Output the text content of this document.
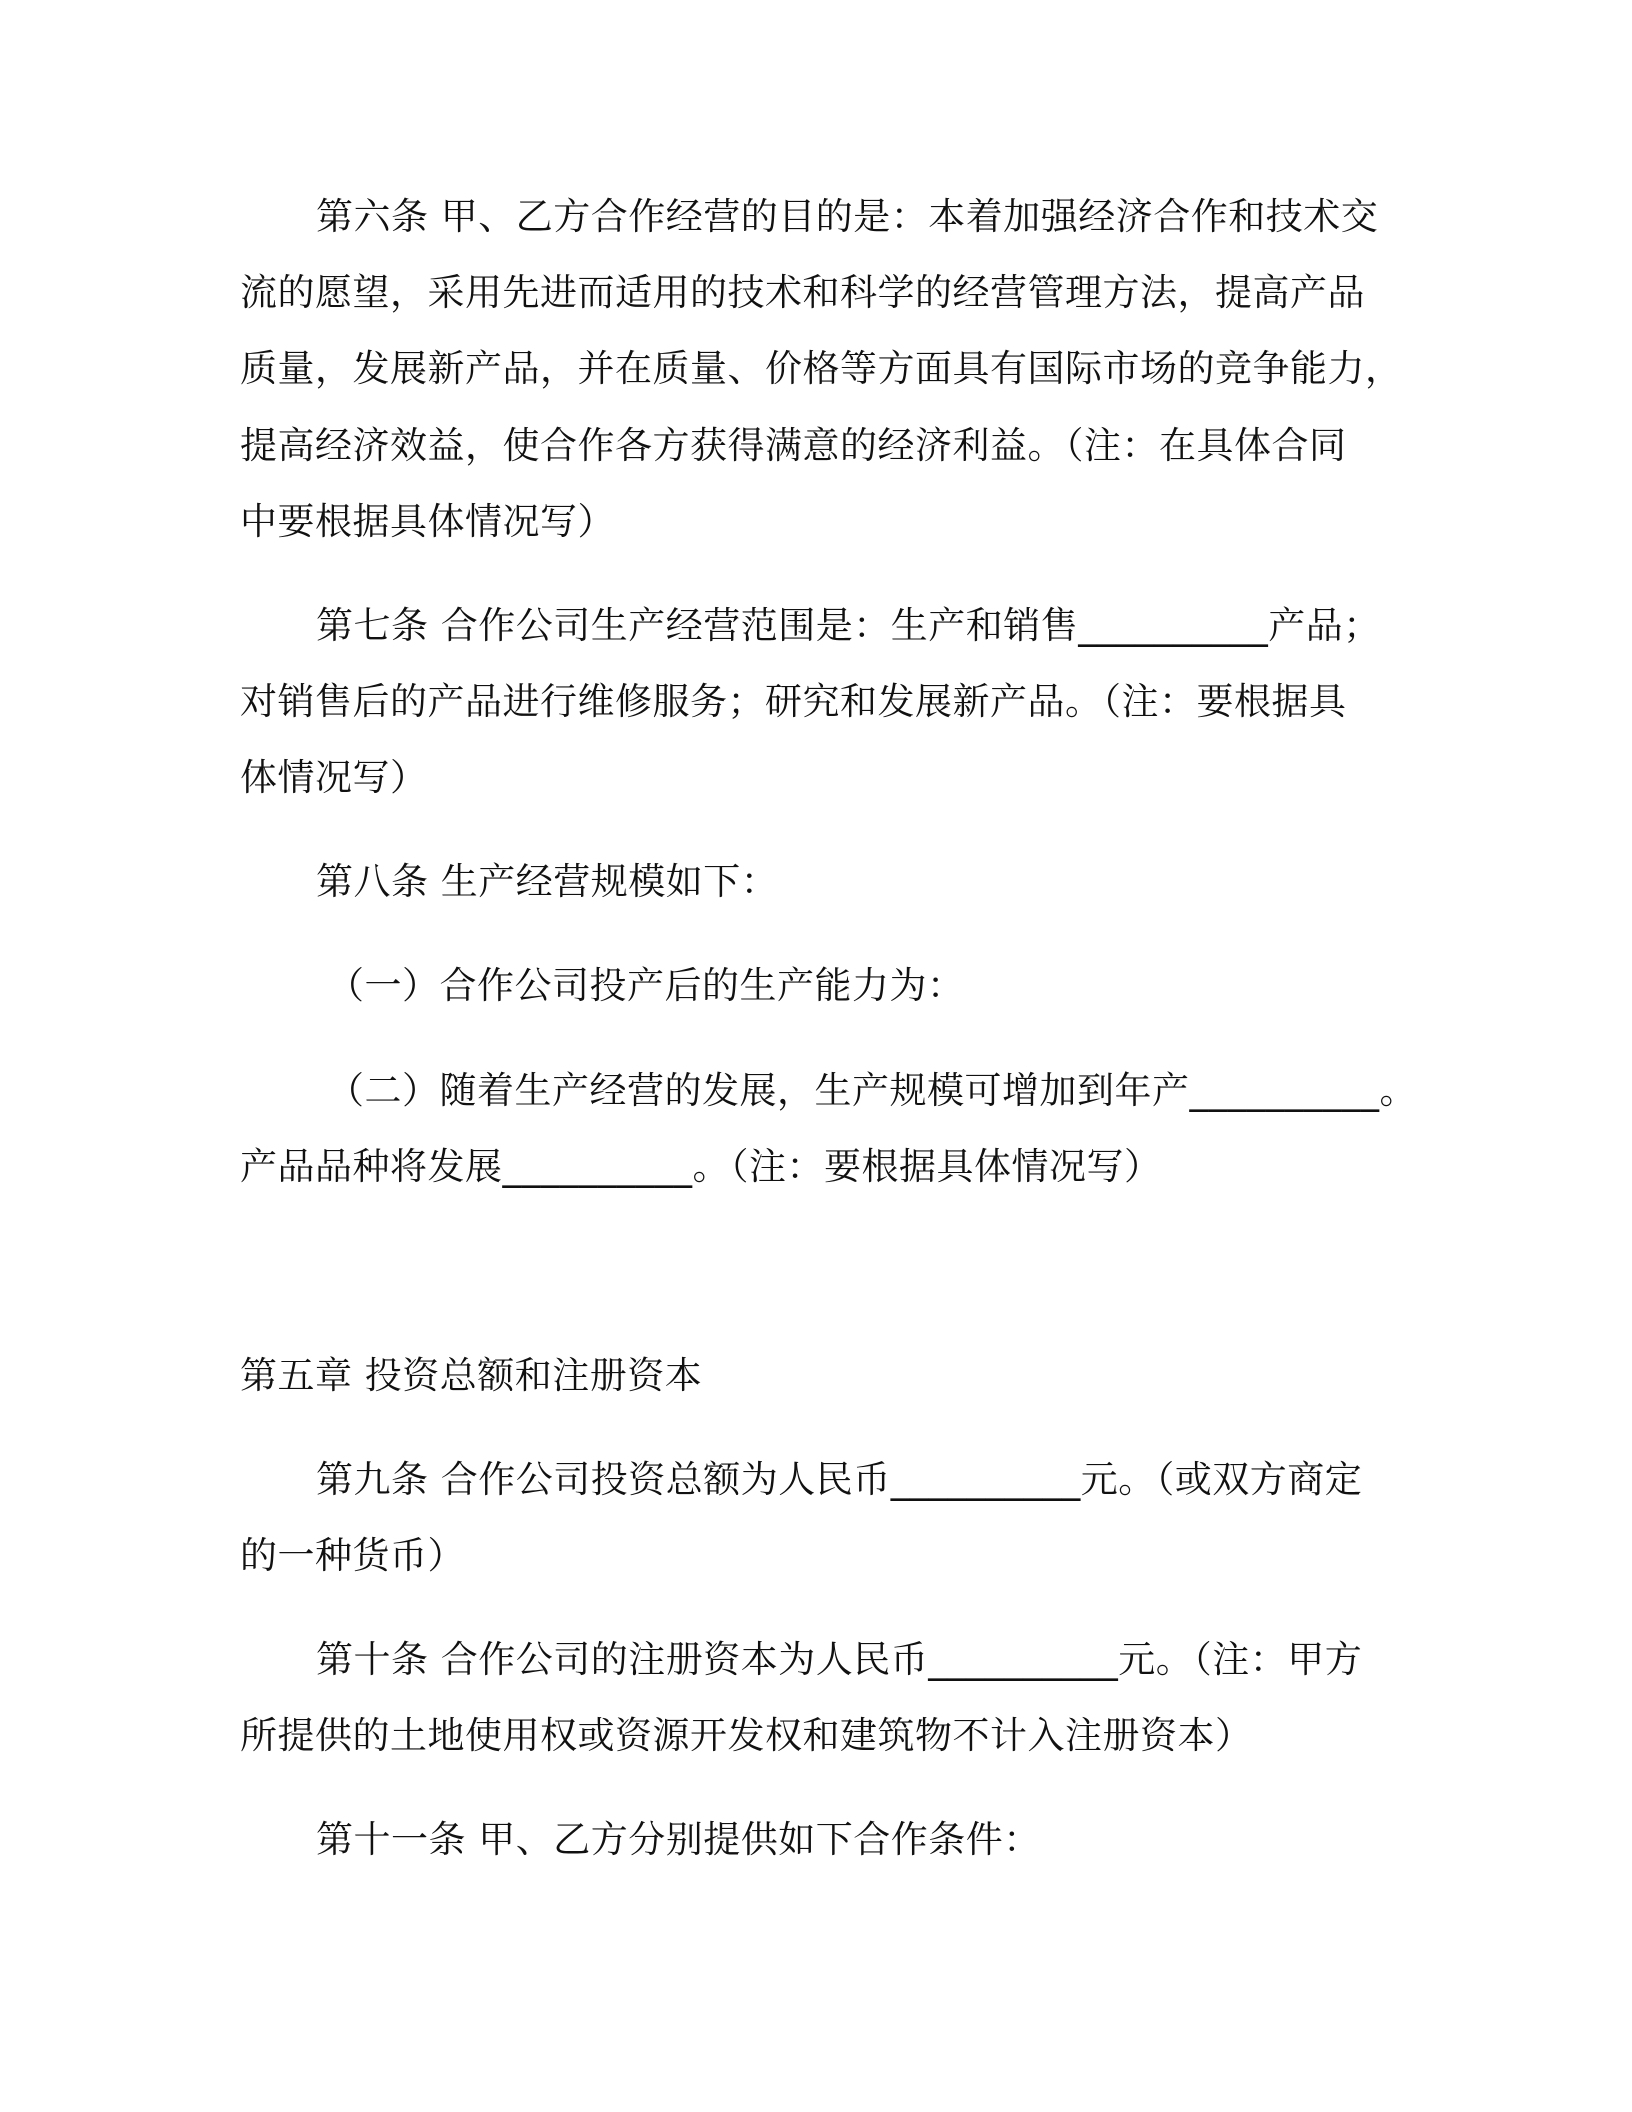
第六条 甲、乙方合作经营的目的是：本着加强经济合作和技术交
流的愿望，采用先进而适用的技术和科学的经营管理方法，提高产品
质量，发展新产品，并在质量、价格等方面具有国际市场的竞争能力，
提高经济效益，使合作各方获得满意的经济利益。（注：在具体合同
中要根据具体情况写）
第七条 合作公司生产经营范围是：生产和销售__________产品；
对销售后的产品进行维修服务；研究和发展新产品。（注：要根据具
体情况写）
第八条 生产经营规模如下：
（一）合作公司投产后的生产能力为：
（二）随着生产经营的发展，生产规模可增加到年产__________。
产品品种将发展__________。（注：要根据具体情况写）
第五章 投资总额和注册资本
第九条 合作公司投资总额为人民币__________元。（或双方商定
的一种货币）
第十条 合作公司的注册资本为人民币__________元。（注：甲方
所提供的土地使用权或资源开发权和建筑物不计入注册资本）
第十一条 甲、乙方分别提供如下合作条件：
